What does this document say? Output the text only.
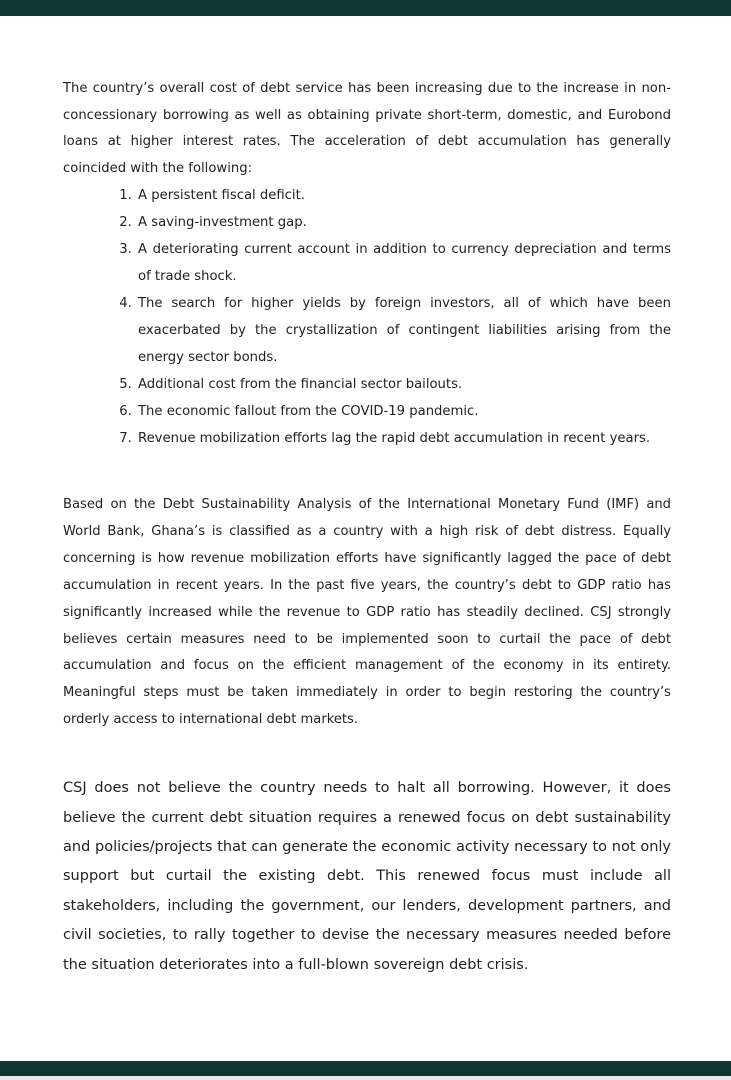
The country’s overall cost of debt service has been increasing due to the increase in non-concessionary borrowing as well as obtaining private short-term, domestic, and Eurobond loans at higher interest rates. The acceleration of debt accumulation has generally coincided with the following:

1. A persistent fiscal deficit.
2. A saving-investment gap.
3. A deteriorating current account in addition to currency depreciation and terms of trade shock.
4. The search for higher yields by foreign investors, all of which have been exacerbated by the crystallization of contingent liabilities arising from the energy sector bonds.
5. Additional cost from the financial sector bailouts.
6. The economic fallout from the COVID-19 pandemic.
7. Revenue mobilization efforts lag the rapid debt accumulation in recent years.

Based on the Debt Sustainability Analysis of the International Monetary Fund (IMF) and World Bank, Ghana’s is classified as a country with a high risk of debt distress. Equally concerning is how revenue mobilization efforts have significantly lagged the pace of debt accumulation in recent years. In the past five years, the country’s debt to GDP ratio has significantly increased while the revenue to GDP ratio has steadily declined. CSJ strongly believes certain measures need to be implemented soon to curtail the pace of debt accumulation and focus on the efficient management of the economy in its entirety. Meaningful steps must be taken immediately in order to begin restoring the country’s orderly access to international debt markets.

CSJ does not believe the country needs to halt all borrowing. However, it does believe the current debt situation requires a renewed focus on debt sustainability and policies/projects that can generate the economic activity necessary to not only support but curtail the existing debt. This renewed focus must include all stakeholders, including the government, our lenders, development partners, and civil societies, to rally together to devise the necessary measures needed before the situation deteriorates into a full-blown sovereign debt crisis.
